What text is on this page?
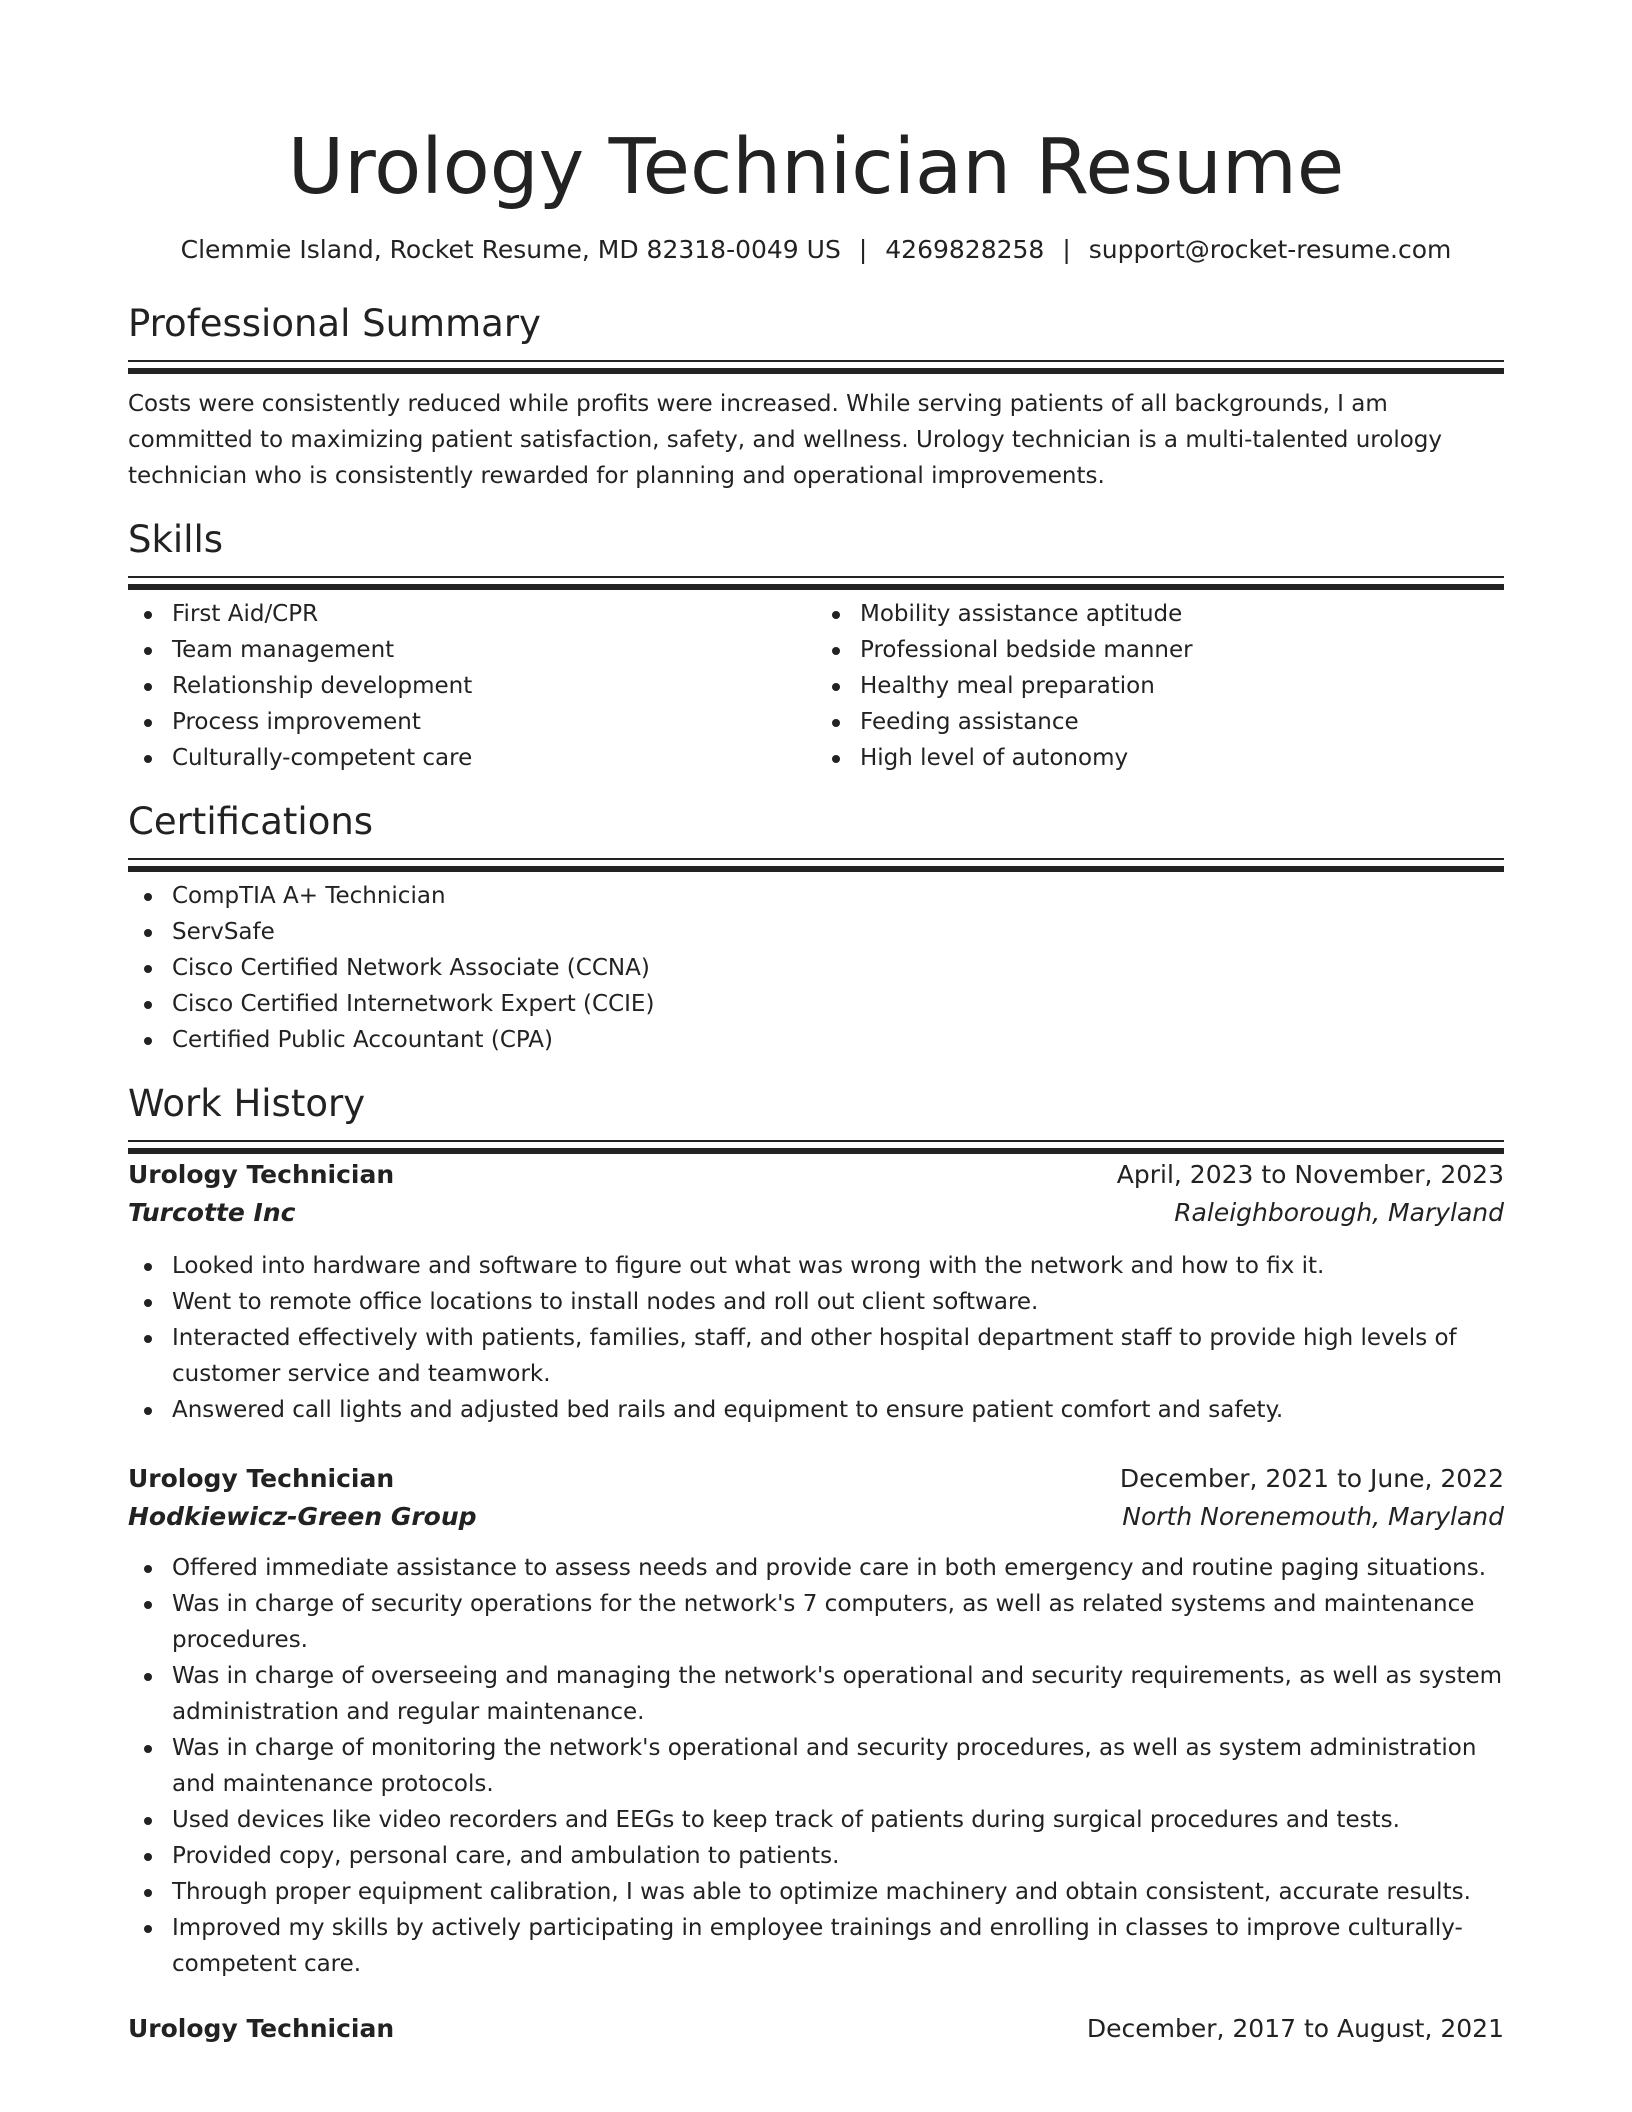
Urology Technician Resume
Clemmie Island, Rocket Resume, MD 82318-0049 US | 4269828258 | support@rocket-resume.com
Professional Summary
Costs were consistently reduced while profits were increased. While serving patients of all backgrounds, I am committed to maximizing patient satisfaction, safety, and wellness. Urology technician is a multi-talented urology technician who is consistently rewarded for planning and operational improvements.
Skills
First Aid/CPR
Team management
Relationship development
Process improvement
Culturally-competent care
Mobility assistance aptitude
Professional bedside manner
Healthy meal preparation
Feeding assistance
High level of autonomy
Certifications
CompTIA A+ Technician
ServSafe
Cisco Certified Network Associate (CCNA)
Cisco Certified Internetwork Expert (CCIE)
Certified Public Accountant (CPA)
Work History
Urology Technician	April, 2023 to November, 2023
Turcotte Inc	Raleighborough, Maryland
Looked into hardware and software to figure out what was wrong with the network and how to fix it.
Went to remote office locations to install nodes and roll out client software.
Interacted effectively with patients, families, staff, and other hospital department staff to provide high levels of customer service and teamwork.
Answered call lights and adjusted bed rails and equipment to ensure patient comfort and safety.
Urology Technician	December, 2021 to June, 2022
Hodkiewicz-Green Group	North Norenemouth, Maryland
Offered immediate assistance to assess needs and provide care in both emergency and routine paging situations.
Was in charge of security operations for the network's 7 computers, as well as related systems and maintenance procedures.
Was in charge of overseeing and managing the network's operational and security requirements, as well as system administration and regular maintenance.
Was in charge of monitoring the network's operational and security procedures, as well as system administration and maintenance protocols.
Used devices like video recorders and EEGs to keep track of patients during surgical procedures and tests.
Provided copy, personal care, and ambulation to patients.
Through proper equipment calibration, I was able to optimize machinery and obtain consistent, accurate results.
Improved my skills by actively participating in employee trainings and enrolling in classes to improve culturally-competent care.
Urology Technician	December, 2017 to August, 2021
